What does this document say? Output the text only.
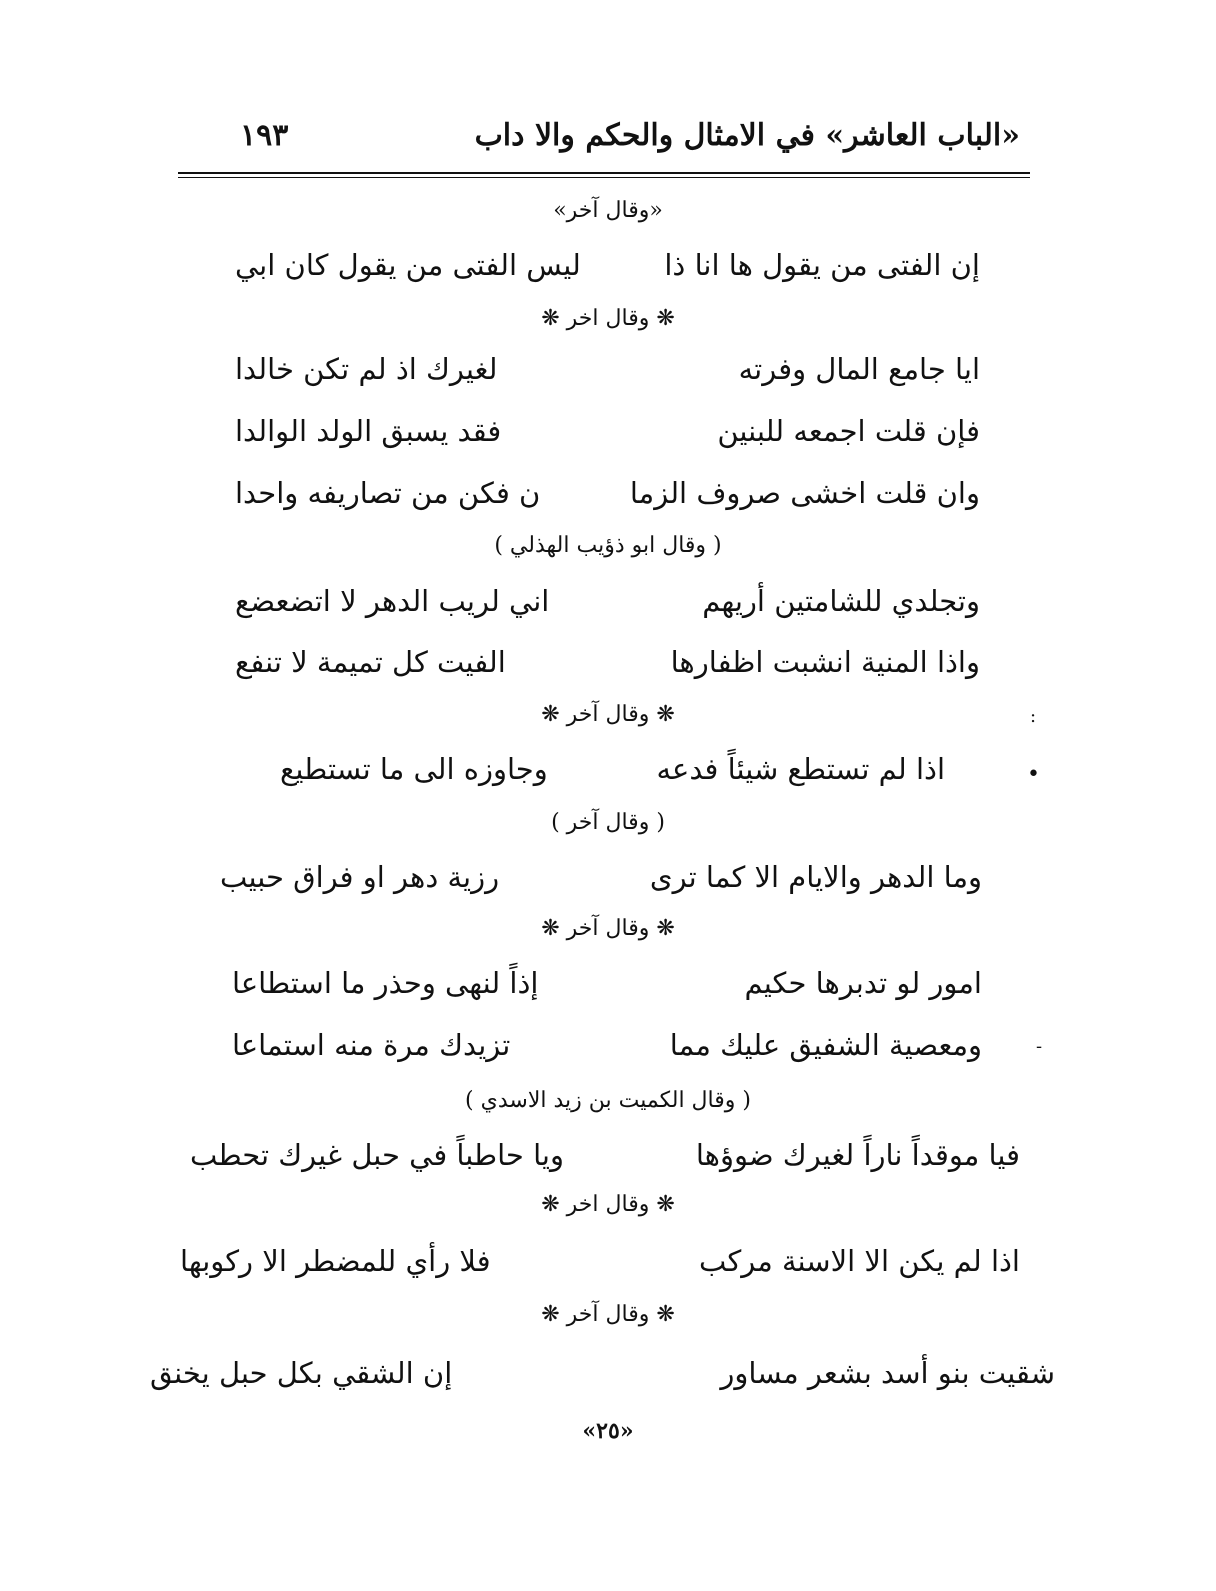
«الباب العاشر» في الامثال والحكم والا داب
١٩٣
«وقال آخر»
إن الفتى من يقول ها انا ذا
ليس الفتى من يقول كان ابي
❋ وقال اخر ❋
ايا جامع المال وفرته
لغيرك اذ لم تكن خالدا
فإن قلت اجمعه للبنين
فقد يسبق الولد الوالدا
وان قلت اخشى صروف الزما
ن فكن من تصاريفه واحدا
( وقال ابو ذؤيب الهذلي )
وتجلدي للشامتين أريهم
اني لريب الدهر لا اتضعضع
واذا المنية انشبت اظفارها
الفيت كل تميمة لا تنفع
❋ وقال آخر ❋	:
اذا لم تستطع شيئاً فدعه
وجاوزه الى ما تستطيع	•
( وقال آخر )
وما الدهر والايام الا كما ترى
رزية دهر او فراق حبيب
❋ وقال آخر ❋
امور لو تدبرها حكيم
إذاً لنهى وحذر ما استطاعا
ومعصية الشفيق عليك مما
تزيدك مرة منه استماعا	-
( وقال الكميت بن زيد الاسدي )
فيا موقداً ناراً لغيرك ضوؤها
ويا حاطباً في حبل غيرك تحطب
❋ وقال اخر ❋
اذا لم يكن الا الاسنة مركب
فلا رأي للمضطر الا ركوبها
❋ وقال آخر ❋
شقيت بنو أسد بشعر مساور
إن الشقي بكل حبل يخنق
«٢٥»
